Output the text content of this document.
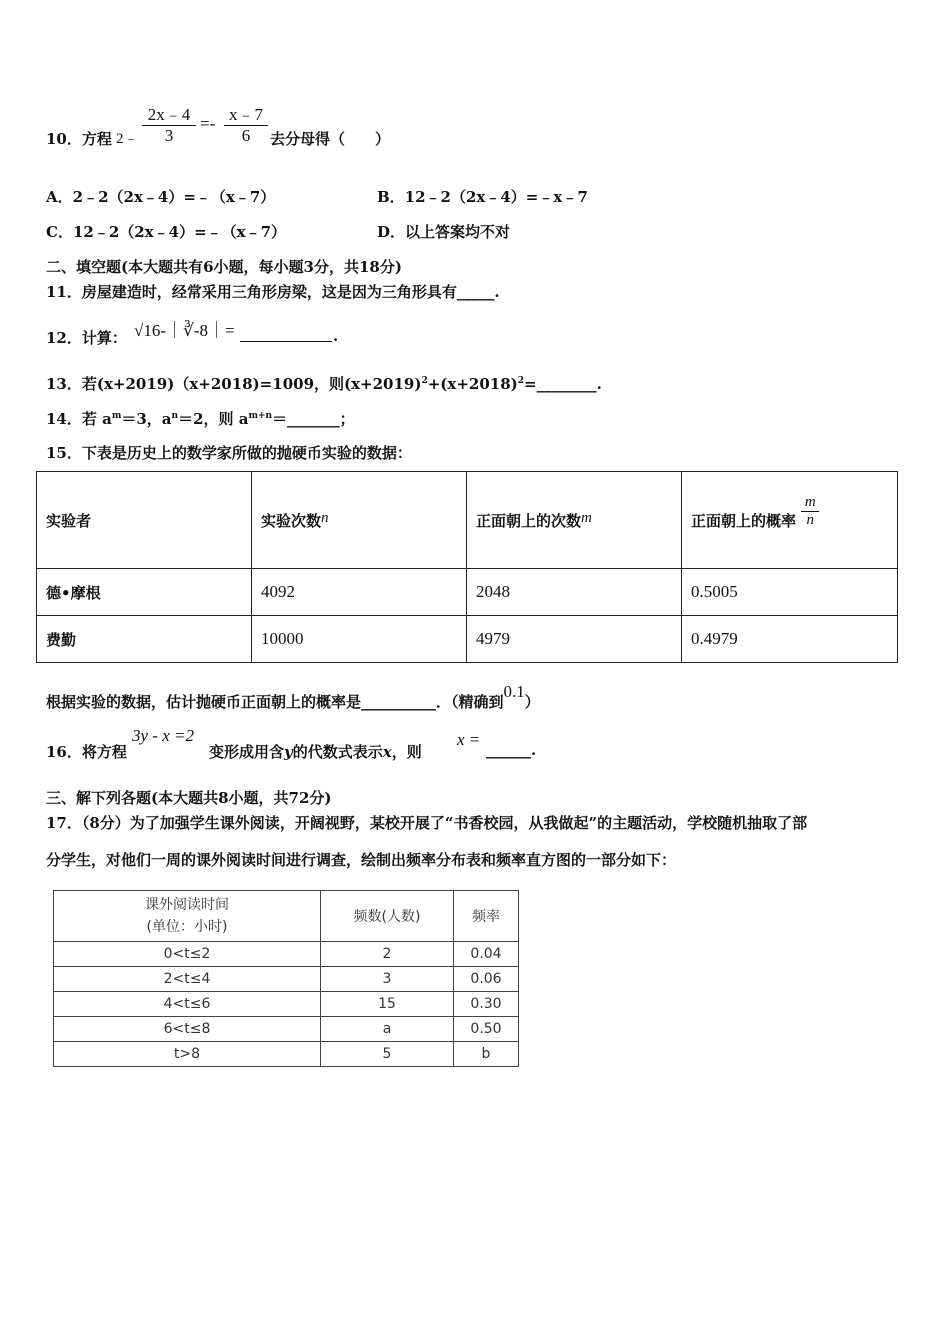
10．方程 2﹣
2x﹣4
3
=- x﹣7
6	去分母得（　　）
A．2﹣2（2x﹣4）=﹣（x﹣7）	B．12﹣2（2x﹣4）=﹣x﹣7
C．12﹣2（2x﹣4）=﹣（x﹣7）	D．以上答案均不对
二、填空题(本大题共有6小题，每小题3分，共18分)
11．房屋建造时，经常采用三角形房梁，这是因为三角形具有_____.
12．计算： √16-｜∛-8｜=	.
13．若(x+2019)（x+2018)=1009，则$(x+2019)^2+(x+2018)^2=\_\_\_\_\_\_\_\_$.
14．若 $a^m=3$，$a^n=2$，则 $a^{m+n}=\_\_\_\_\_\_\_$；
15．下表是历史上的数学家所做的抛硬币实验的数据：
实验者	实验次数n	正面朝上的次数m	正面朝上的概率 $\frac{m}{n}$

德•摩根	4092	2048	0.5005
费勤	10000	4979	0.4979
根据实验的数据，估计抛硬币正面朝上的概率是__________．（精确到0.1）
16．将方程
3y - x =2
变形成用含y的代数式表示x，则
x =
______.
三、解下列各题(本大题共8小题，共72分)
17．（8分）为了加强学生课外阅读，开阔视野，某校开展了“书香校园，从我做起”的主题活动，学校随机抽取了部
分学生，对他们一周的课外阅读时间进行调查，绘制出频率分布表和频率直方图的一部分如下：
课外阅读时间
(单位：小时)	频数(人数)	频率
0<t≤2	2	0.04
2<t≤4	3	0.06
4<t≤6	15	0.30
6<t≤8	a	0.50
t>8	5	b
